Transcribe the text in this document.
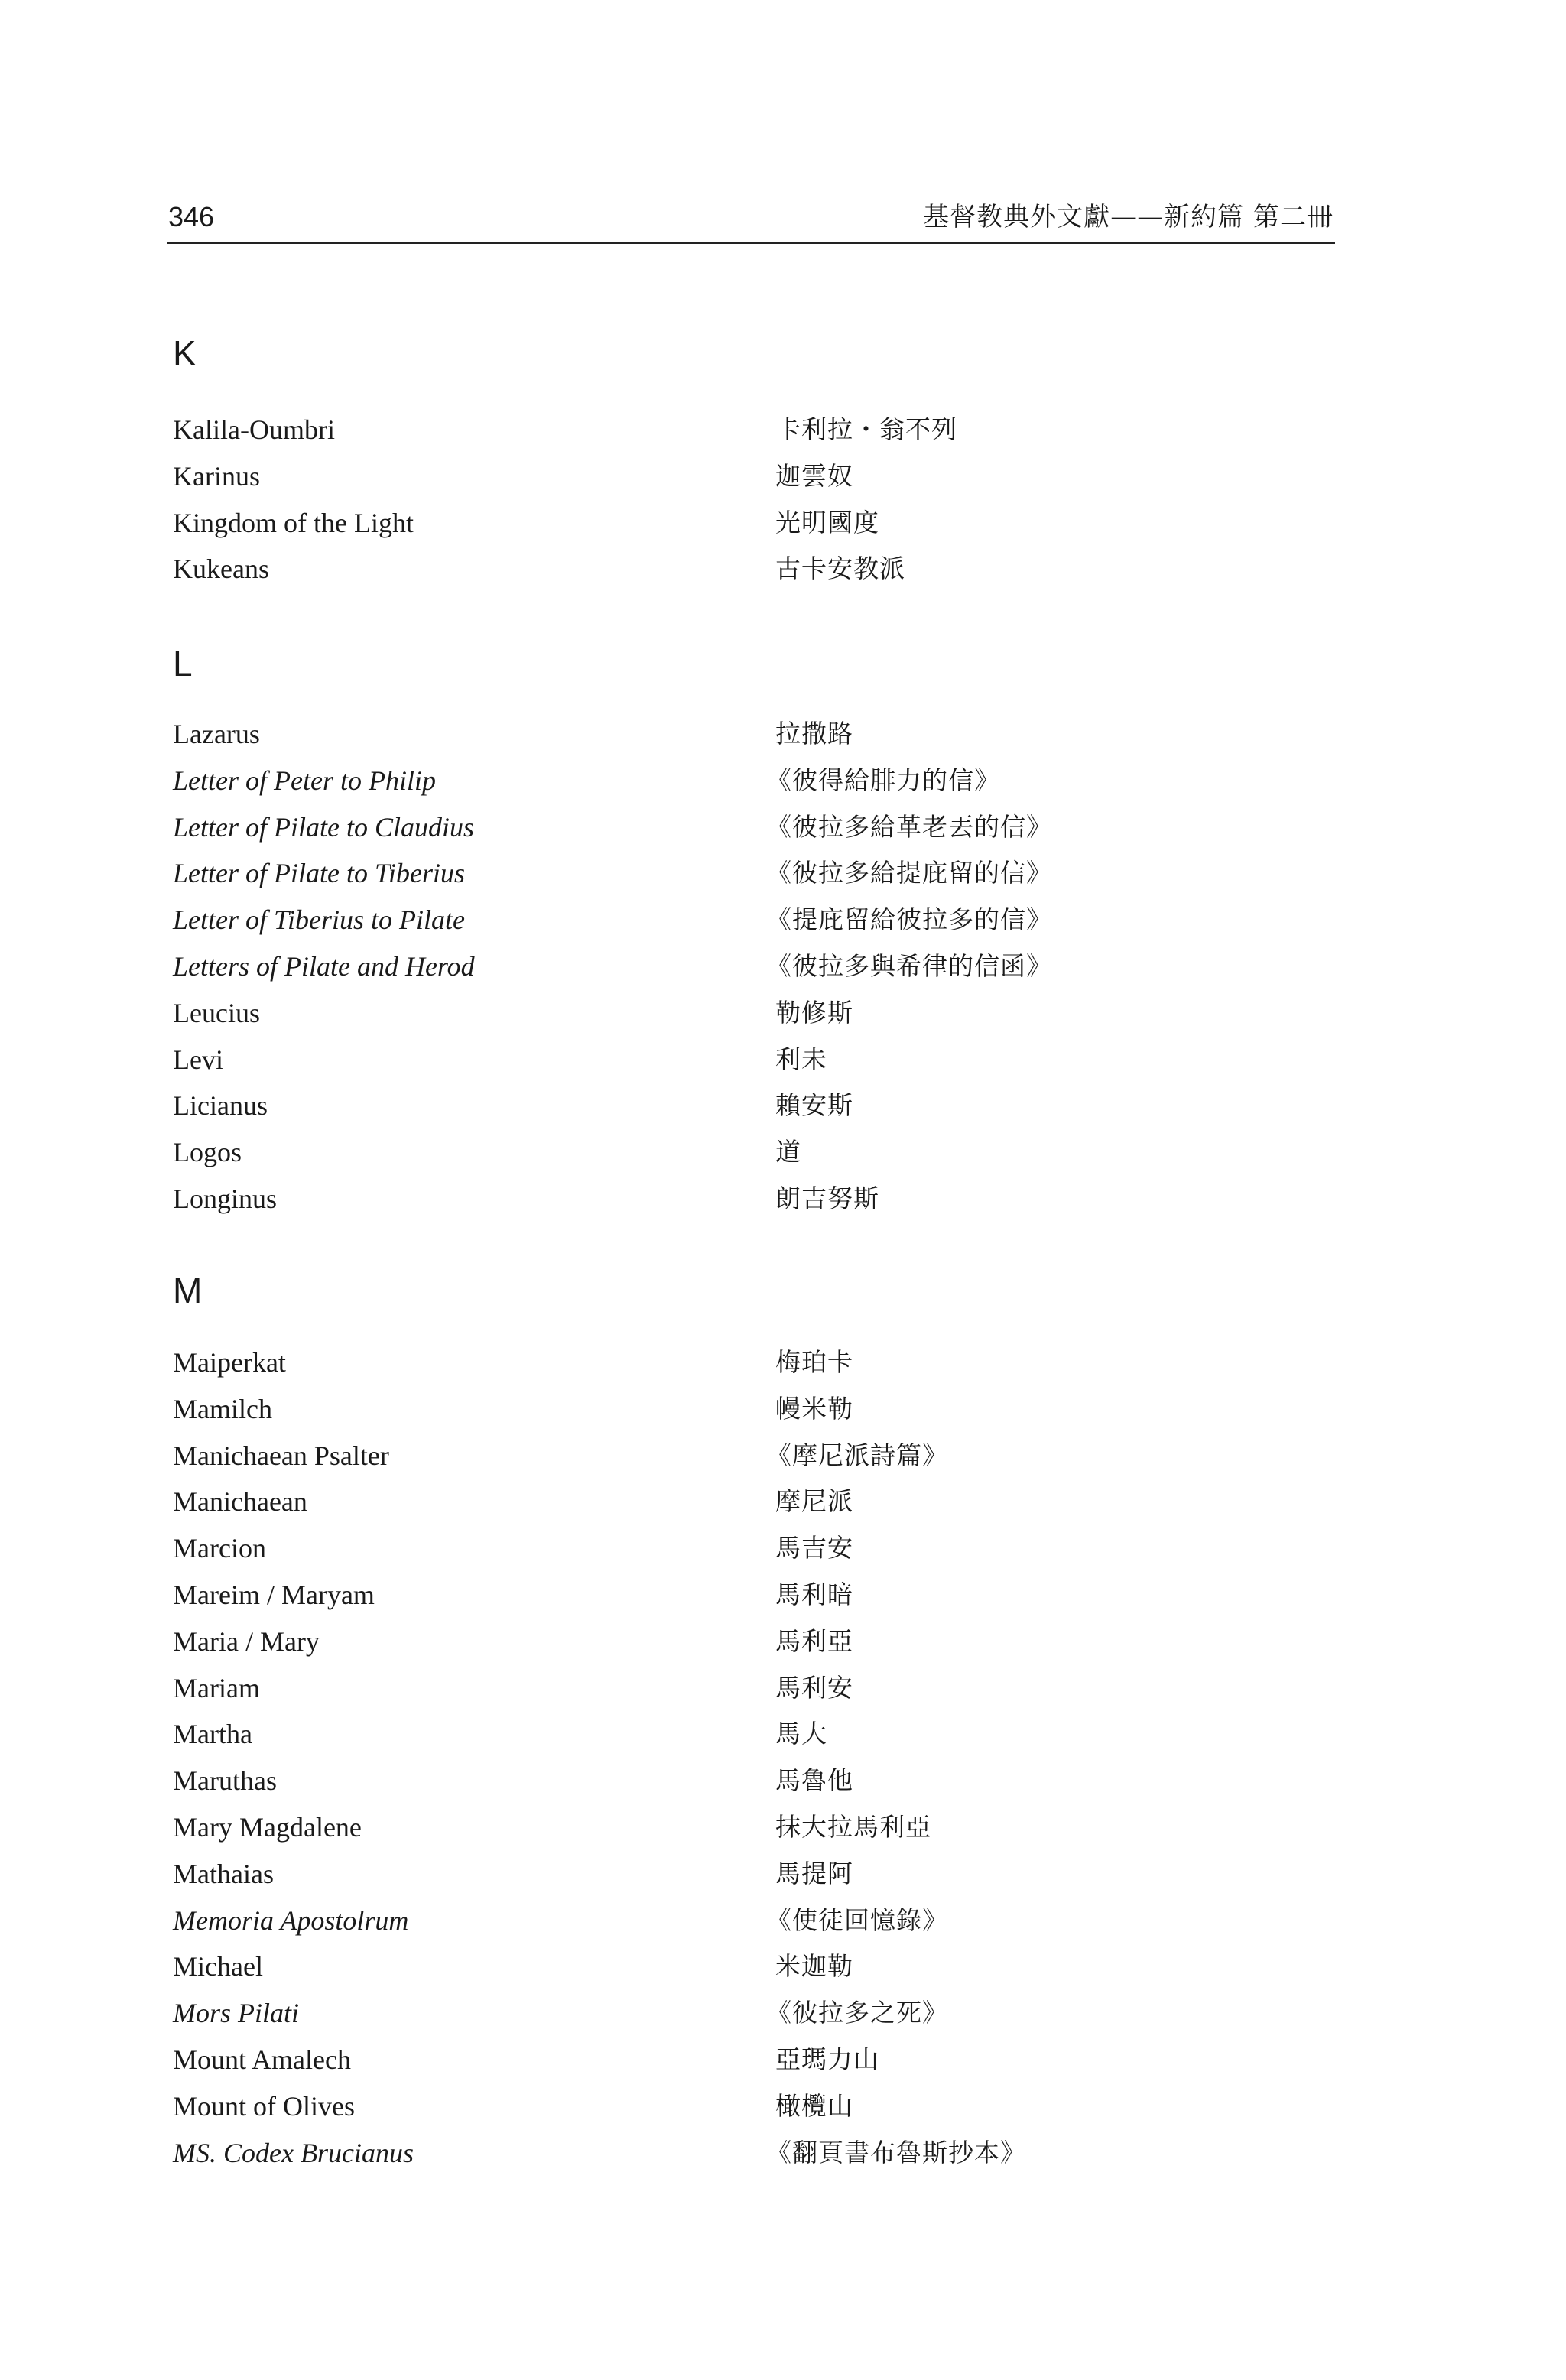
346	基督教典外文獻——新約篇 第二冊
K
Kalila-Oumbri	卡利拉・翁不列
Karinus	迦雲奴
Kingdom of the Light	光明國度
Kukeans	古卡安教派
L
Lazarus	拉撒路
Letter of Peter to Philip	《彼得給腓力的信》
Letter of Pilate to Claudius	《彼拉多給革老丟的信》
Letter of Pilate to Tiberius	《彼拉多給提庇留的信》
Letter of Tiberius to Pilate	《提庇留給彼拉多的信》
Letters of Pilate and Herod	《彼拉多與希律的信函》
Leucius	勒修斯
Levi	利未
Licianus	賴安斯
Logos	道
Longinus	朗吉努斯
M
Maiperkat	梅珀卡
Mamilch	幔米勒
Manichaean Psalter	《摩尼派詩篇》
Manichaean	摩尼派
Marcion	馬吉安
Mareim / Maryam	馬利暗
Maria / Mary	馬利亞
Mariam	馬利安
Martha	馬大
Maruthas	馬魯他
Mary Magdalene	抹大拉馬利亞
Mathaias	馬提阿
Memoria Apostolrum	《使徒回憶錄》
Michael	米迦勒
Mors Pilati	《彼拉多之死》
Mount Amalech	亞瑪力山
Mount of Olives	橄欖山
MS. Codex Brucianus	《翻頁書布魯斯抄本》
